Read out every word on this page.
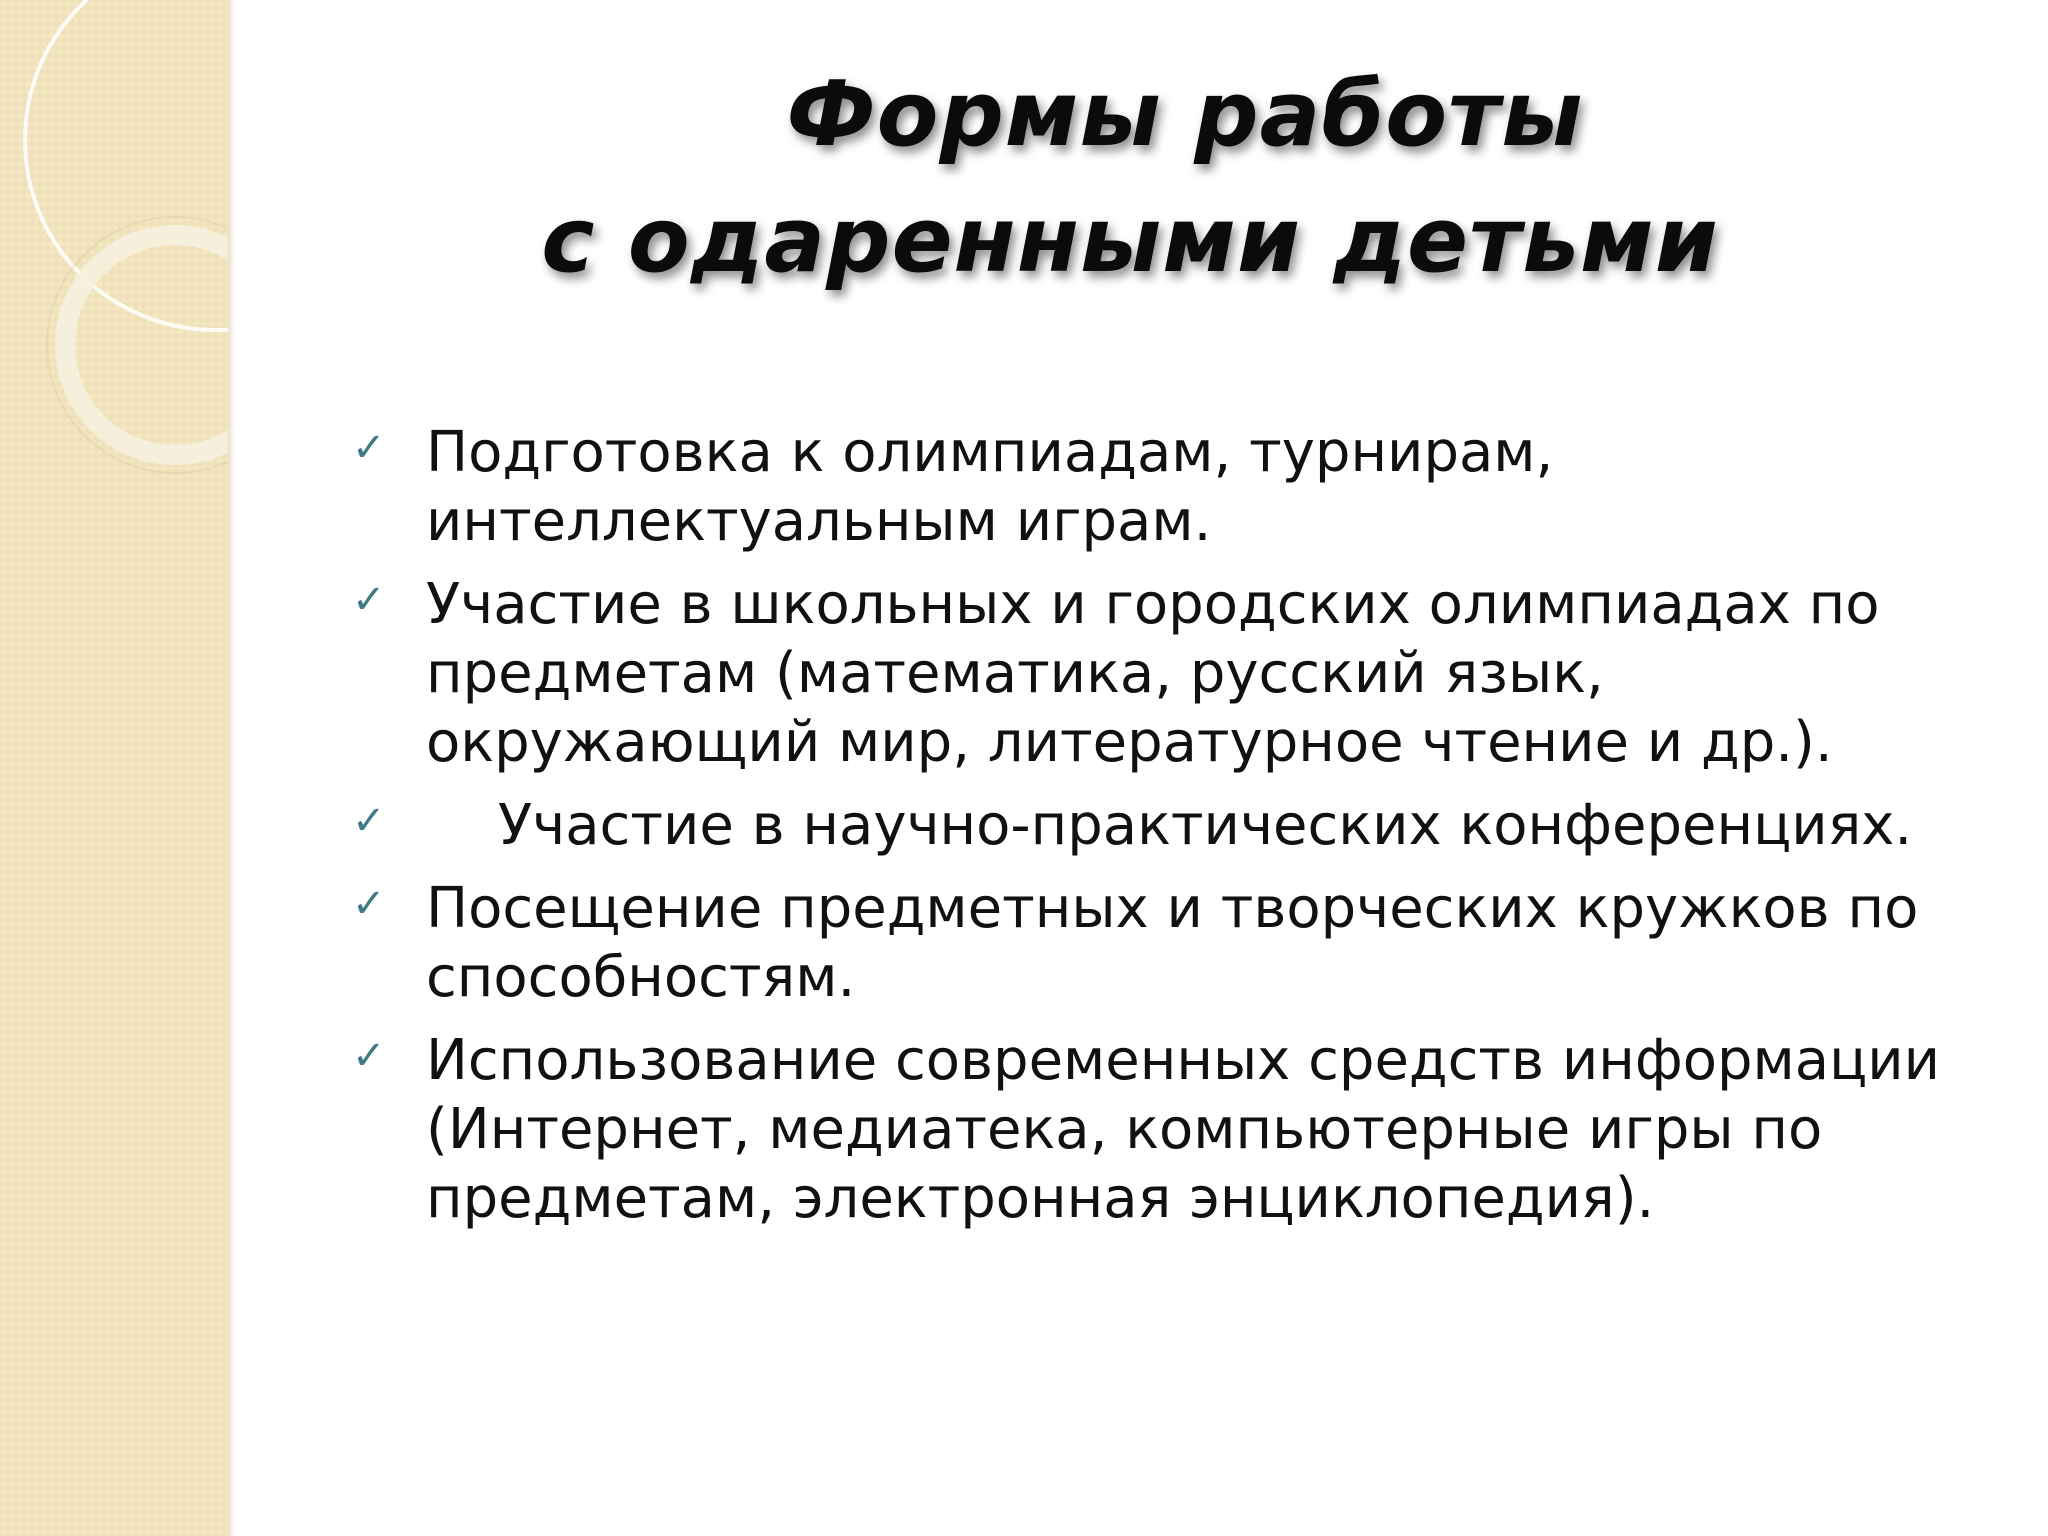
Формы работы
с одаренными детьми
✓ Подготовка к олимпиадам, турнирам, интеллектуальным играм.
✓ Участие в школьных и городских олимпиадах по предметам (математика, русский язык, окружающий мир, литературное чтение и др.).
✓	Участие в научно-практических конференциях.
✓ Посещение предметных и творческих кружков по способностям.
✓ Использование современных средств информации (Интернет, медиатека, компьютерные игры по предметам, электронная энциклопедия).
